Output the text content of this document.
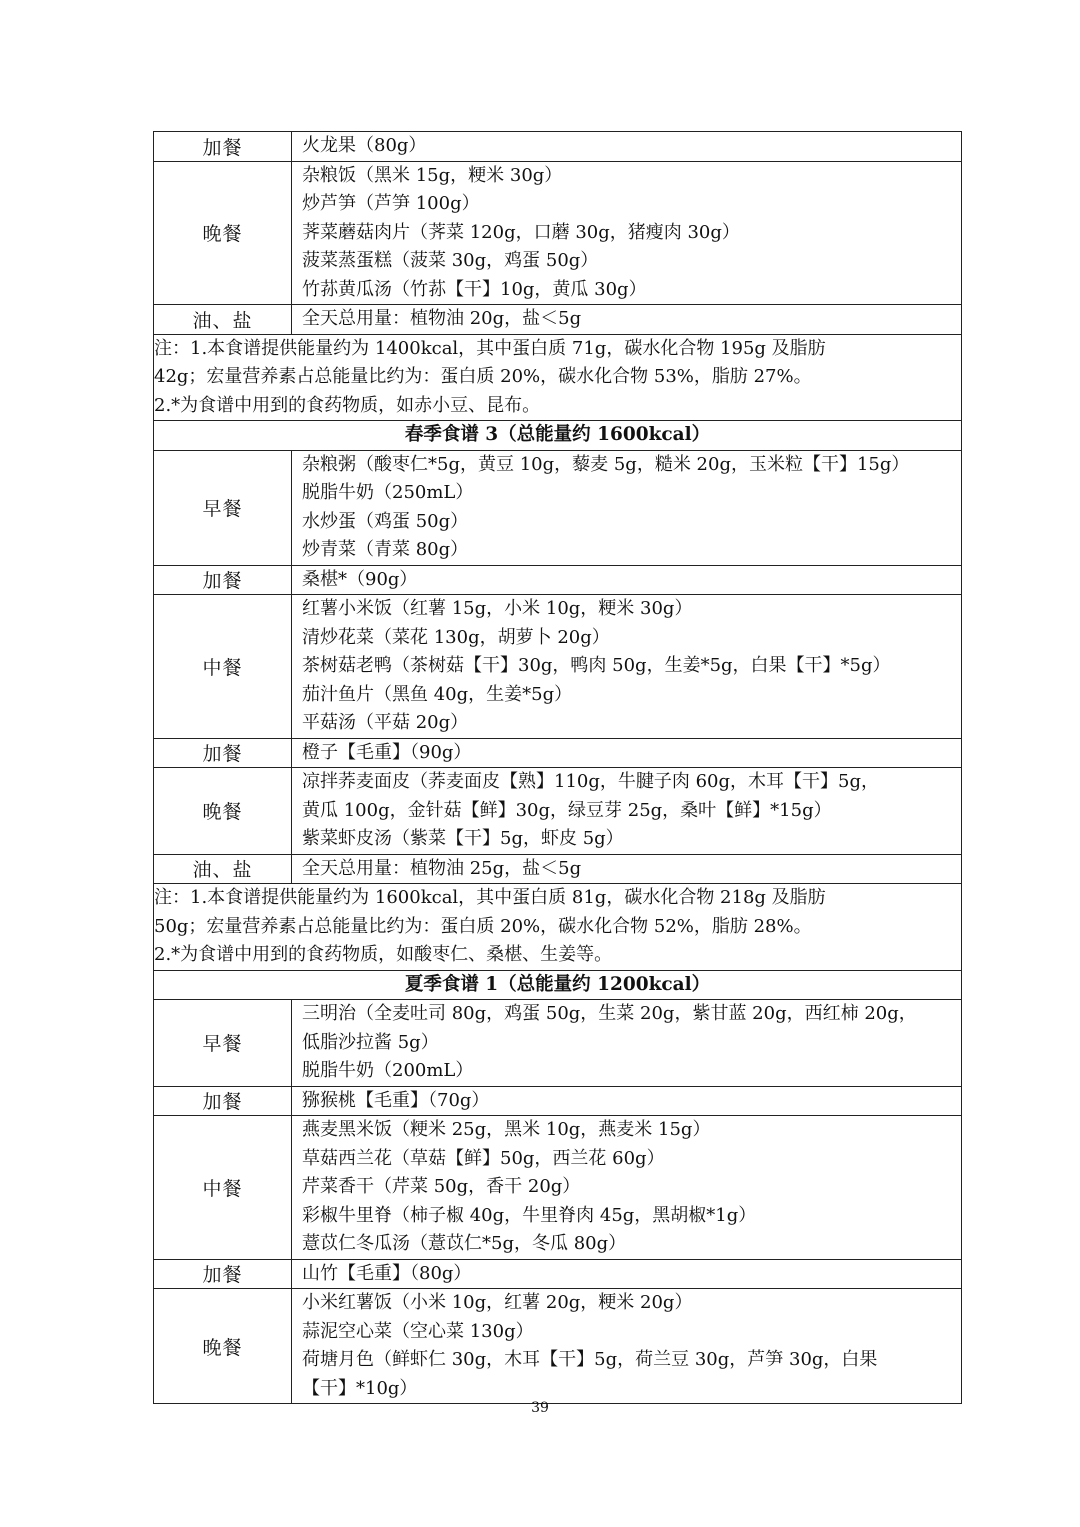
加餐	火龙果（80g）

晚餐	杂粮饭（黑米 15g，粳米 30g）
炒芦笋（芦笋 100g）
荠菜蘑菇肉片（荠菜 120g，口蘑 30g，猪瘦肉 30g）
菠菜蒸蛋糕（菠菜 30g，鸡蛋 50g）
竹荪黄瓜汤（竹荪【干】10g，黄瓜 30g）

油、盐	全天总用量：植物油 20g，盐＜5g

注：1.本食谱提供能量约为 1400kcal，其中蛋白质 71g，碳水化合物 195g 及脂肪
42g；宏量营养素占总能量比约为：蛋白质 20%，碳水化合物 53%，脂肪 27%。
2.*为食谱中用到的食药物质，如赤小豆、昆布。	

春季食谱 3（总能量约 1600kcal）	

早餐	杂粮粥（酸枣仁*5g，黄豆 10g，藜麦 5g，糙米 20g，玉米粒【干】15g）
脱脂牛奶（250mL）
水炒蛋（鸡蛋 50g）
炒青菜（青菜 80g）

加餐	桑椹*（90g）

中餐	红薯小米饭（红薯 15g，小米 10g，粳米 30g）
清炒花菜（菜花 130g，胡萝卜 20g）
茶树菇老鸭（茶树菇【干】30g，鸭肉 50g，生姜*5g，白果【干】*5g）
茄汁鱼片（黑鱼 40g，生姜*5g）
平菇汤（平菇 20g）

加餐	橙子【毛重】（90g）

晚餐	凉拌荞麦面皮（荞麦面皮【熟】110g，牛腱子肉 60g，木耳【干】5g，
黄瓜 100g，金针菇【鲜】30g，绿豆芽 25g，桑叶【鲜】*15g）
紫菜虾皮汤（紫菜【干】5g，虾皮 5g）

油、盐	全天总用量：植物油 25g，盐＜5g

注：1.本食谱提供能量约为 1600kcal，其中蛋白质 81g，碳水化合物 218g 及脂肪
50g；宏量营养素占总能量比约为：蛋白质 20%，碳水化合物 52%，脂肪 28%。
2.*为食谱中用到的食药物质，如酸枣仁、桑椹、生姜等。	

夏季食谱 1（总能量约 1200kcal）	

早餐	三明治（全麦吐司 80g，鸡蛋 50g，生菜 20g，紫甘蓝 20g，西红柿 20g，
低脂沙拉酱 5g）
脱脂牛奶（200mL）

加餐	猕猴桃【毛重】（70g）

中餐	燕麦黑米饭（粳米 25g，黑米 10g，燕麦米 15g）
草菇西兰花（草菇【鲜】50g，西兰花 60g）
芹菜香干（芹菜 50g，香干 20g）
彩椒牛里脊（柿子椒 40g，牛里脊肉 45g，黑胡椒*1g）
薏苡仁冬瓜汤（薏苡仁*5g，冬瓜 80g）

加餐	山竹【毛重】（80g）

晚餐	小米红薯饭（小米 10g，红薯 20g，粳米 20g）
蒜泥空心菜（空心菜 130g）
荷塘月色（鲜虾仁 30g，木耳【干】5g，荷兰豆 30g，芦笋 30g，白果
【干】*10g）
39
